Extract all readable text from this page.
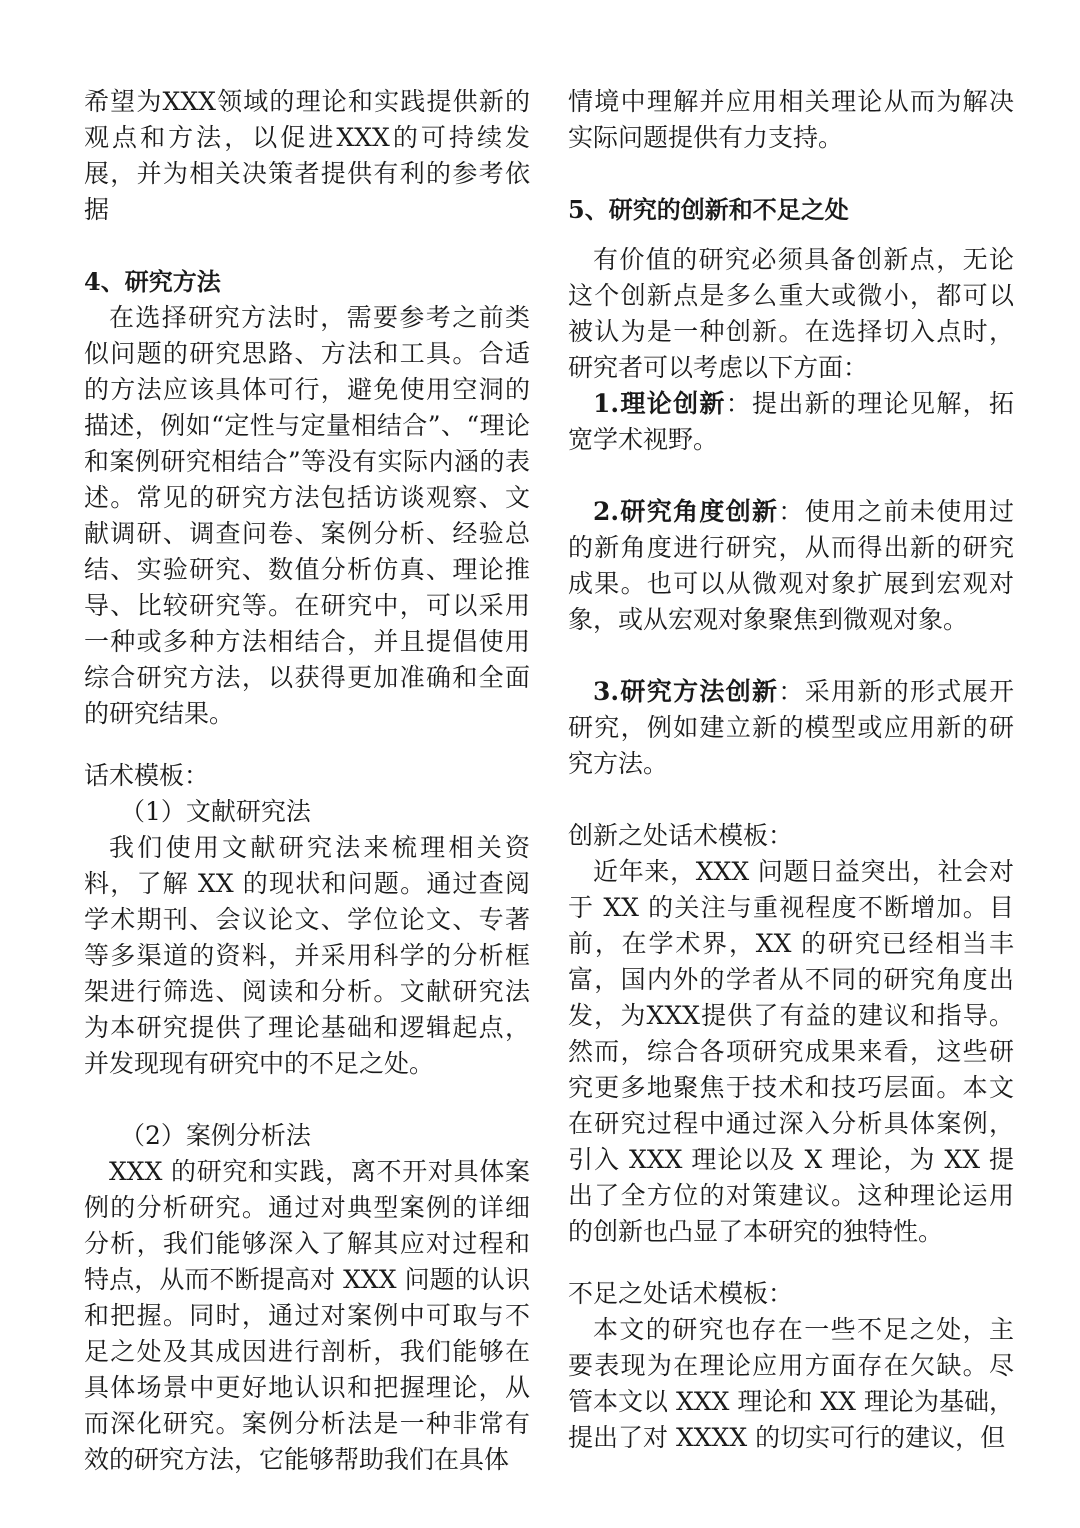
希望为XXX领域的理论和实践提供新的观点和方法，以促进XXX的可持续发展，并为相关决策者提供有利的参考依据

4、研究方法

在选择研究方法时，需要参考之前类似问题的研究思路、方法和工具。合适的方法应该具体可行，避免使用空洞的描述，例如“定性与定量相结合”、“理论和案例研究相结合”等没有实际内涵的表述。常见的研究方法包括访谈观察、文献调研、调查问卷、案例分析、经验总结、实验研究、数值分析仿真、理论推导、比较研究等。在研究中，可以采用一种或多种方法相结合，并且提倡使用综合研究方法，以获得更加准确和全面的研究结果。

话术模板：

（1）文献研究法

我们使用文献研究法来梳理相关资料，了解 XX 的现状和问题。通过查阅学术期刊、会议论文、学位论文、专著等多渠道的资料，并采用科学的分析框架进行筛选、阅读和分析。文献研究法为本研究提供了理论基础和逻辑起点，并发现现有研究中的不足之处。

（2）案例分析法

XXX 的研究和实践，离不开对具体案例的分析研究。通过对典型案例的详细分析，我们能够深入了解其应对过程和特点，从而不断提高对 XXX 问题的认识和把握。同时，通过对案例中可取与不足之处及其成因进行剖析，我们能够在具体场景中更好地认识和把握理论，从而深化研究。案例分析法是一种非常有效的研究方法，它能够帮助我们在具体

情境中理解并应用相关理论从而为解决实际问题提供有力支持。

5、研究的创新和不足之处

有价值的研究必须具备创新点，无论这个创新点是多么重大或微小，都可以被认为是一种创新。在选择切入点时，研究者可以考虑以下方面：

1.理论创新：提出新的理论见解，拓宽学术视野。

2.研究角度创新：使用之前未使用过的新角度进行研究，从而得出新的研究成果。也可以从微观对象扩展到宏观对象，或从宏观对象聚焦到微观对象。

3.研究方法创新：采用新的形式展开研究，例如建立新的模型或应用新的研究方法。

创新之处话术模板：

近年来，XXX 问题日益突出，社会对于 XX 的关注与重视程度不断增加。目前，在学术界，XX 的研究已经相当丰富，国内外的学者从不同的研究角度出发，为XXX提供了有益的建议和指导。然而，综合各项研究成果来看，这些研究更多地聚焦于技术和技巧层面。本文在研究过程中通过深入分析具体案例，引入 XXX 理论以及 X 理论，为 XX 提出了全方位的对策建议。这种理论运用的创新也凸显了本研究的独特性。

不足之处话术模板：

本文的研究也存在一些不足之处，主要表现为在理论应用方面存在欠缺。尽管本文以 XXX 理论和 XX 理论为基础，提出了对 XXXX 的切实可行的建议，但
